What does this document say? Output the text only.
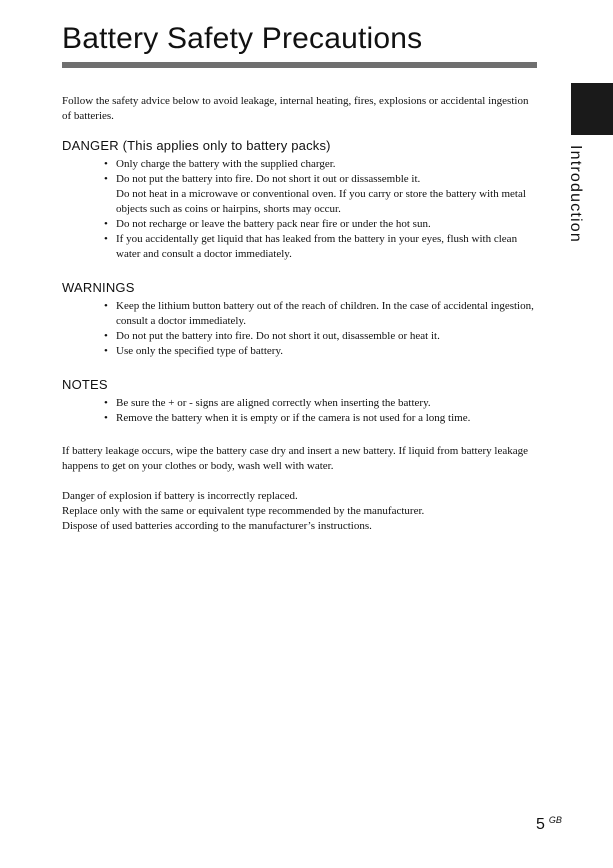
Battery Safety Precautions
Introduction

Follow the safety advice below to avoid leakage, internal heating, fires, explosions or accidental ingestion of batteries.

DANGER (This applies only to battery packs)
• Only charge the battery with the supplied charger.
• Do not put the battery into fire. Do not short it out or dissassemble it.
Do not heat in a microwave or conventional oven. If you carry or store the battery with metal objects such as coins or hairpins, shorts may occur.
• Do not recharge or leave the battery pack near fire or under the hot sun.
• If you accidentally get liquid that has leaked from the battery in your eyes, flush with clean water and consult a doctor immediately.
WARNINGS
• Keep the lithium button battery out of the reach of children. In the case of accidental ingestion, consult a doctor immediately.
• Do not put the battery into fire. Do not short it out, disassemble or heat it.
• Use only the specified type of battery.
NOTES
• Be sure the + or - signs are aligned correctly when inserting the battery.
• Remove the battery when it is empty or if the camera is not used for a long time.

If battery leakage occurs, wipe the battery case dry and insert a new battery. If liquid from battery leakage happens to get on your clothes or body, wash well with water.

Danger of explosion if battery is incorrectly replaced.

Replace only with the same or equivalent type recommended by the manufacturer.

Dispose of used batteries according to the manufacturer’s instructions.

5 $^{GB}$
